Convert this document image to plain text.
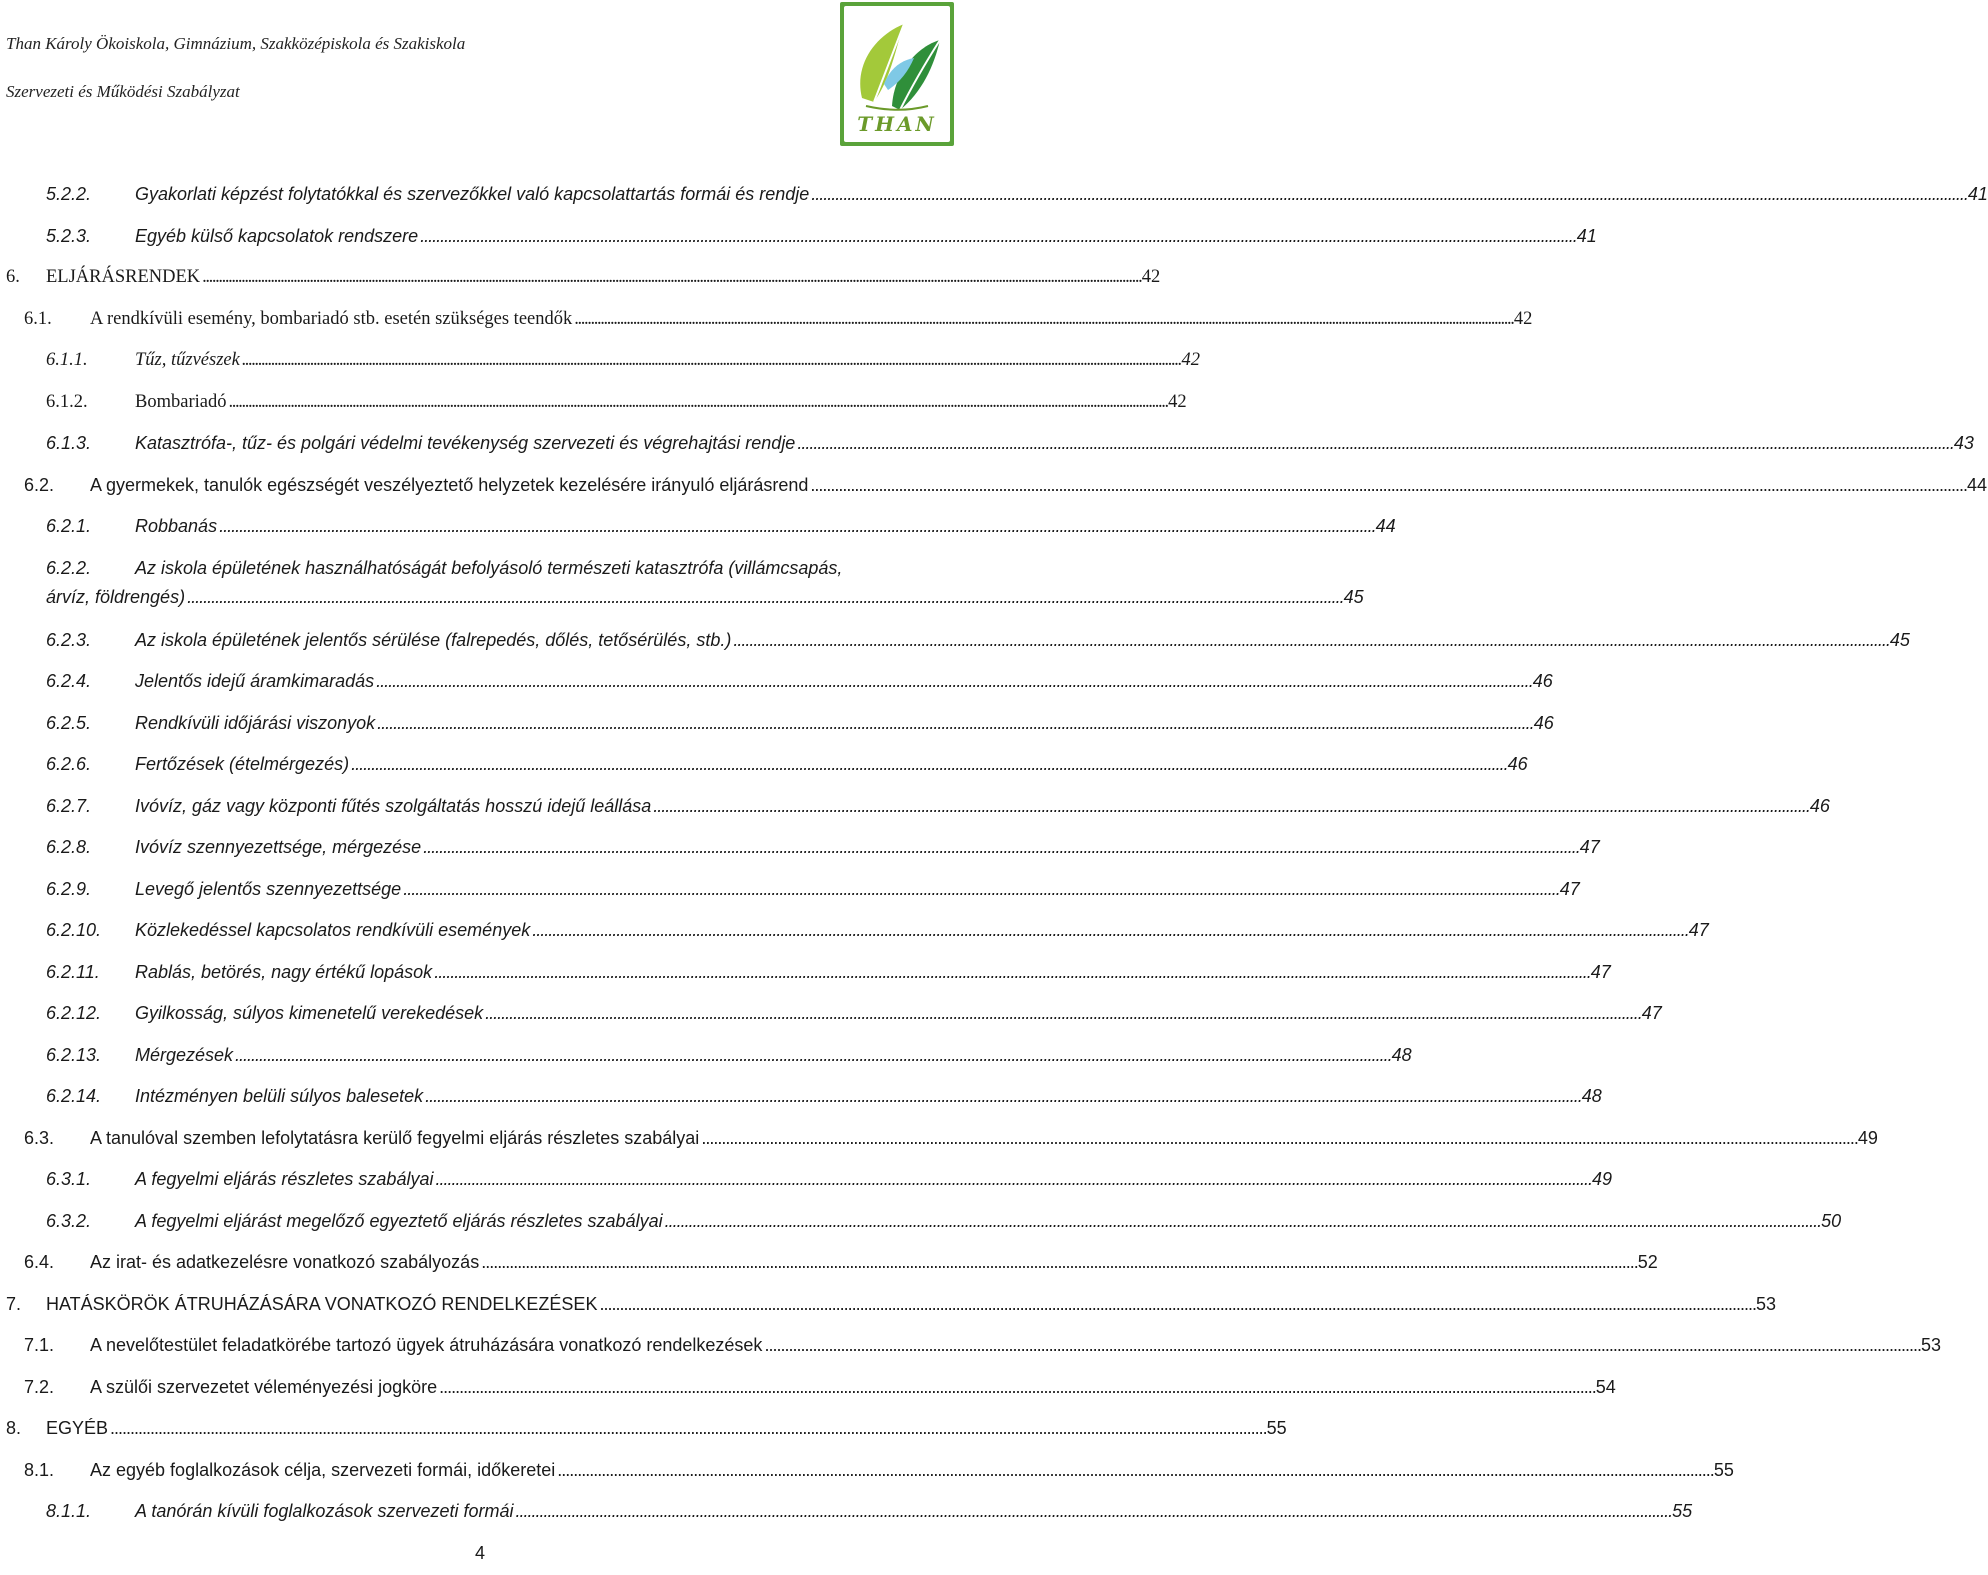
Than Károly Ökoiskola, Gimnázium, Szakközépiskola és Szakiskola
Szervezeti és Működési Szabályzat
THAN
5.2.2.	Gyakorlati képzést folytatókkal és szervezőkkel való kapcsolattartás formái és rendje . . .	41
5.2.3.	Egyéb külső kapcsolatok rendszere . . .	41
6.	ELJÁRÁSRENDEK . . .	42
6.1.	A rendkívüli esemény, bombariadó stb. esetén szükséges teendők . . .	42
6.1.1.	Tűz, tűzvészek . . .	42
6.1.2.	Bombariadó . . .	42
6.1.3.	Katasztrófa-, tűz- és polgári védelmi tevékenység szervezeti és végrehajtási rendje . . .	43
6.2.	A gyermekek, tanulók egészségét veszélyeztető helyzetek kezelésére irányuló eljárásrend . . .	44
6.2.1.	Robbanás . . .	44
6.2.2. Az iskola épületének használhatóságát befolyásoló természeti katasztrófa (villámcsapás,
árvíz, földrengés) . . .	45
6.2.3.	Az iskola épületének jelentős sérülése (falrepedés, dőlés, tetősérülés, stb.) . . .	45
6.2.4.	Jelentős idejű áramkimaradás . . .	46
6.2.5.	Rendkívüli időjárási viszonyok . . .	46
6.2.6.	Fertőzések (ételmérgezés) . . .	46
6.2.7.	Ivóvíz, gáz vagy központi fűtés szolgáltatás hosszú idejű leállása . . .	46
6.2.8.	Ivóvíz szennyezettsége, mérgezése . . .	47
6.2.9.	Levegő jelentős szennyezettsége . . .	47
6.2.10.	Közlekedéssel kapcsolatos rendkívüli események . . .	47
6.2.11.	Rablás, betörés, nagy értékű lopások . . .	47
6.2.12.	Gyilkosság, súlyos kimenetelű verekedések . . .	47
6.2.13.	Mérgezések . . .	48
6.2.14.	Intézményen belüli súlyos balesetek . . .	48
6.3.	A tanulóval szemben lefolytatásra kerülő fegyelmi eljárás részletes szabályai . . .	49
6.3.1.	A fegyelmi eljárás részletes szabályai . . .	49
6.3.2.	A fegyelmi eljárást megelőző egyeztető eljárás részletes szabályai . . .	50
6.4.	Az irat- és adatkezelésre vonatkozó szabályozás . . .	52
7.	HATÁSKÖRÖK ÁTRUHÁZÁSÁRA VONATKOZÓ RENDELKEZÉSEK . . .	53
7.1.	A nevelőtestület feladatkörébe tartozó ügyek átruházására vonatkozó rendelkezések . . .	53
7.2.	A szülői szervezetet véleményezési jogköre . . .	54
8.	EGYÉB . . .	55
8.1.	Az egyéb foglalkozások célja, szervezeti formái, időkeretei . . .	55
8.1.1.	A tanórán kívüli foglalkozások szervezeti formái . . .	55
4
